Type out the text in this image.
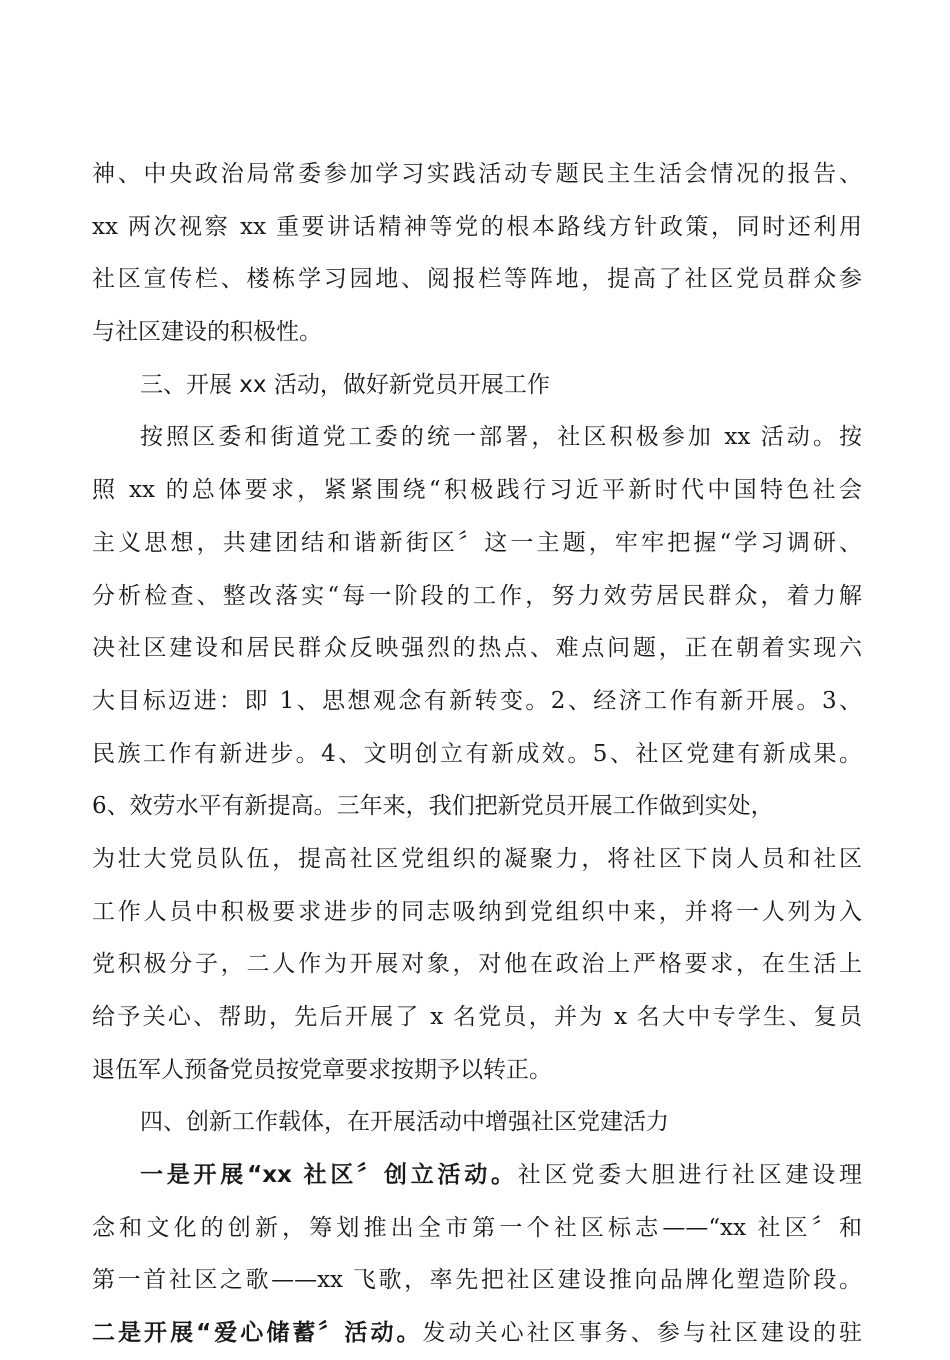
神、中央政治局常委参加学习实践活动专题民主生活会情况的报告、
xx 两次视察 xx 重要讲话精神等党的根本路线方针政策，同时还利用
社区宣传栏、楼栋学习园地、阅报栏等阵地，提高了社区党员群众参
与社区建设的积极性。
三、开展 xx 活动，做好新党员开展工作
按照区委和街道党工委的统一部署，社区积极参加 xx 活动。按
照 xx 的总体要求，紧紧围绕“积极践行习近平新时代中国特色社会
主义思想，共建团结和谐新街区〞这一主题，牢牢把握“学习调研、
分析检查、整改落实“每一阶段的工作，努力效劳居民群众，着力解
决社区建设和居民群众反映强烈的热点、难点问题，正在朝着实现六
大目标迈进：即 1、思想观念有新转变。2、经济工作有新开展。3、
民族工作有新进步。4、文明创立有新成效。5、社区党建有新成果。
6、效劳水平有新提高。三年来，我们把新党员开展工作做到实处，
为壮大党员队伍，提高社区党组织的凝聚力，将社区下岗人员和社区
工作人员中积极要求进步的同志吸纳到党组织中来，并将一人列为入
党积极分子，二人作为开展对象，对他在政治上严格要求，在生活上
给予关心、帮助，先后开展了 x 名党员，并为 x 名大中专学生、复员
退伍军人预备党员按党章要求按期予以转正。
四、创新工作载体，在开展活动中增强社区党建活力
一是开展“xx 社区〞创立活动。社区党委大胆进行社区建设理
念和文化的创新，筹划推出全市第一个社区标志——“xx 社区〞和
第一首社区之歌——xx 飞歌，率先把社区建设推向品牌化塑造阶段。
二是开展“爱心储蓄〞活动。发动关心社区事务、参与社区建设的驻
